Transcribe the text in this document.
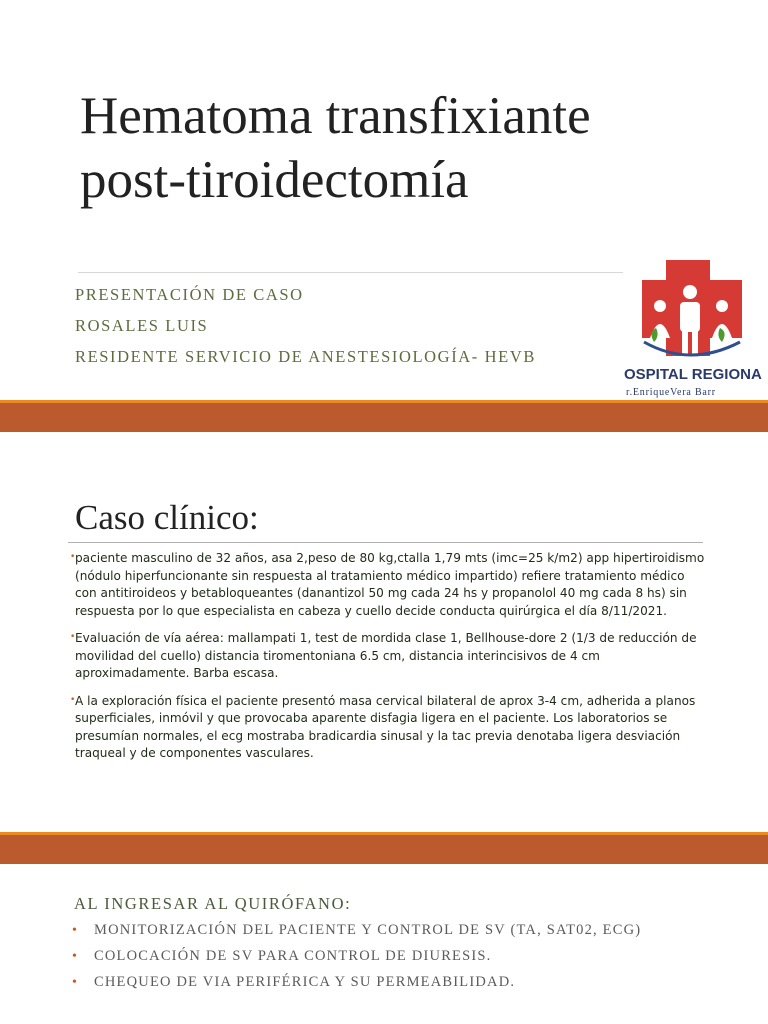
Hematoma transfixiante
post-tiroidectomía
PRESENTACIÓN DE CASO
ROSALES LUIS
RESIDENTE SERVICIO DE ANESTESIOLOGÍA- HEVB
OSPITAL REGIONA
r.EnriqueVera Barr
Caso clínico:
• paciente masculino de 32 años, asa 2,peso de 80 kg,ctalla 1,79 mts (imc=25 k/m2) app hipertiroidismo (nódulo hiperfuncionante sin respuesta al tratamiento médico impartido) refiere tratamiento médico con antitiroideos y betabloqueantes (danantizol 50 mg cada 24 hs y propanolol 40 mg cada 8 hs) sin respuesta por lo que especialista en cabeza y cuello decide conducta quirúrgica el día 8/11/2021.
• Evaluación de vía aérea: mallampati 1, test de mordida clase 1, Bellhouse-dore 2 (1/3 de reducción de movilidad del cuello) distancia tiromentoniana 6.5 cm, distancia interincisivos de 4 cm aproximadamente. Barba escasa.
• A la exploración física el paciente presentó masa cervical bilateral de aprox 3-4 cm, adherida a planos superficiales, inmóvil y que provocaba aparente disfagia ligera en el paciente. Los laboratorios se presumían normales, el ecg mostraba bradicardia sinusal y la tac previa denotaba ligera desviación traqueal y de componentes vasculares.
AL INGRESAR AL QUIRÓFANO:
• MONITORIZACIÓN DEL PACIENTE Y CONTROL DE SV (TA, SAT02, ECG)
• COLOCACIÓN DE SV PARA CONTROL DE DIURESIS.
• CHEQUEO DE VIA PERIFÉRICA Y SU PERMEABILIDAD.
